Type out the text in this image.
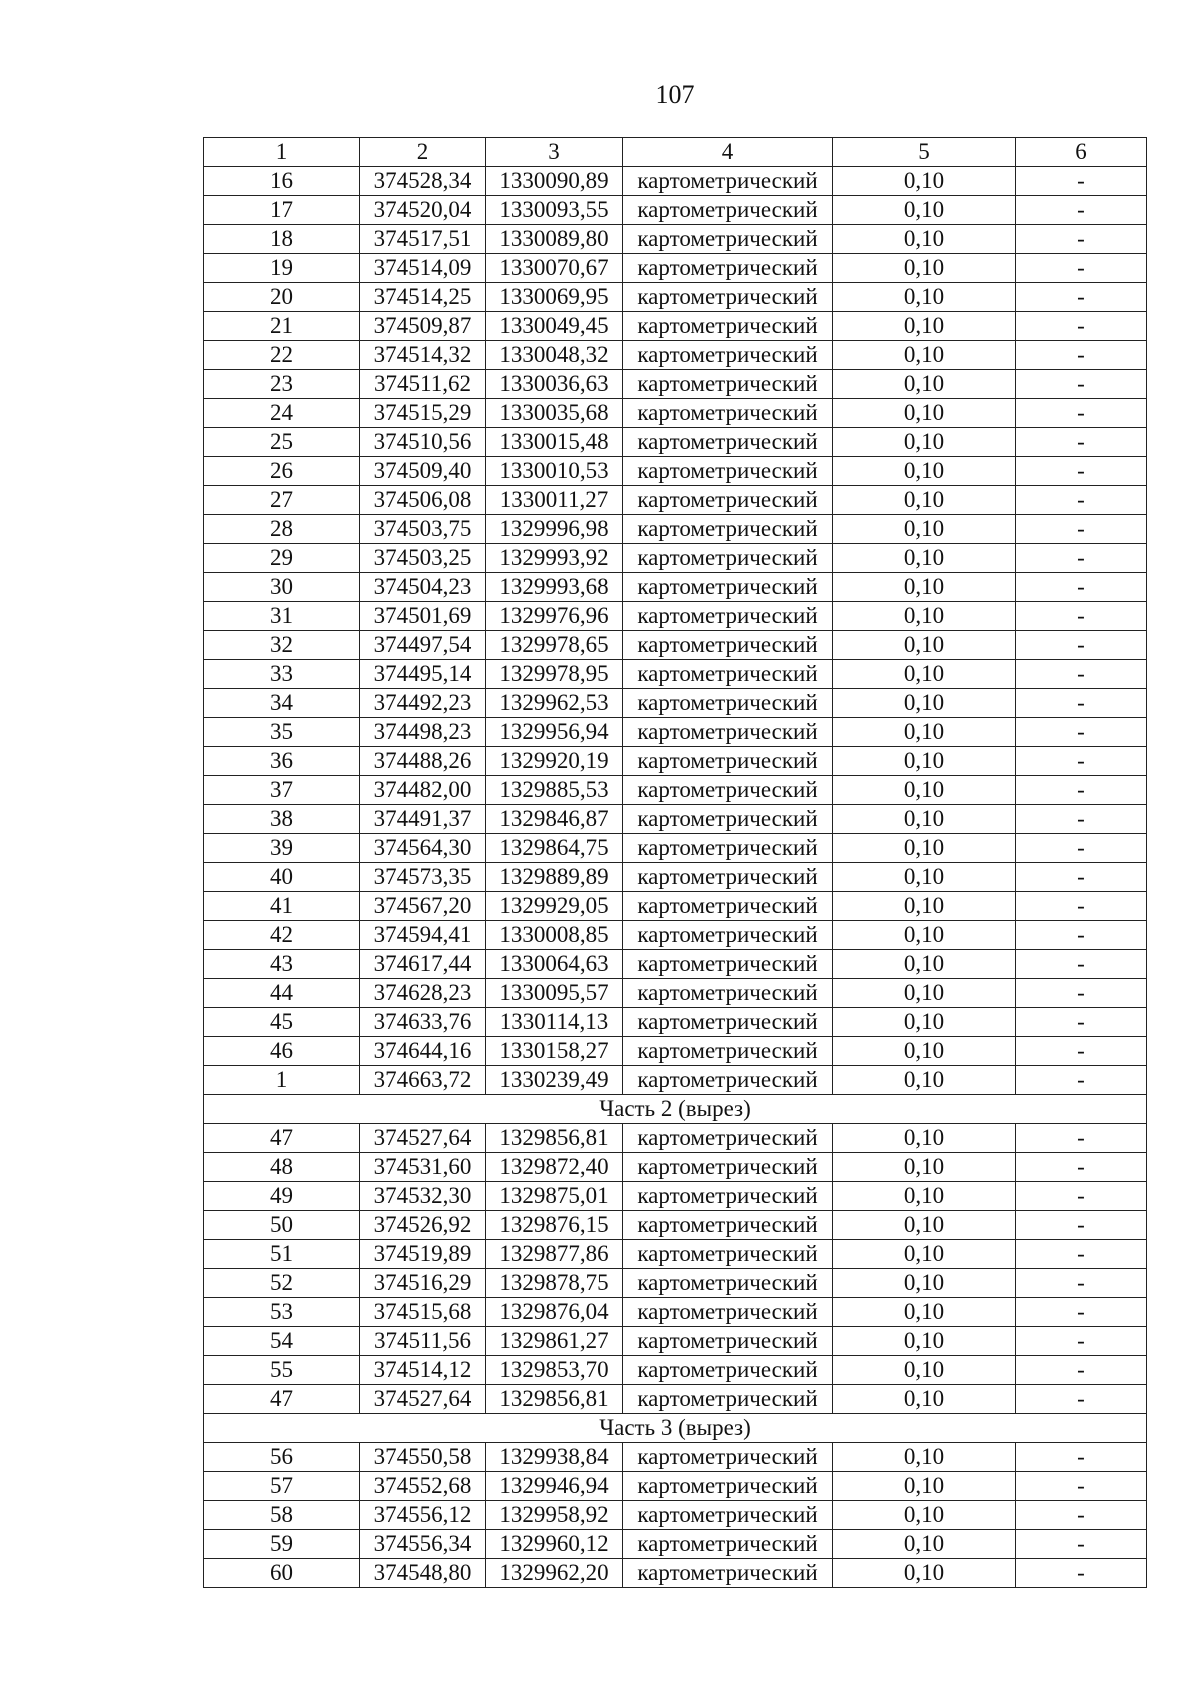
107
1	2	3	4	5	6
16	374528,34	1330090,89	картометрический	0,10	-
17	374520,04	1330093,55	картометрический	0,10	-
18	374517,51	1330089,80	картометрический	0,10	-
19	374514,09	1330070,67	картометрический	0,10	-
20	374514,25	1330069,95	картометрический	0,10	-
21	374509,87	1330049,45	картометрический	0,10	-
22	374514,32	1330048,32	картометрический	0,10	-
23	374511,62	1330036,63	картометрический	0,10	-
24	374515,29	1330035,68	картометрический	0,10	-
25	374510,56	1330015,48	картометрический	0,10	-
26	374509,40	1330010,53	картометрический	0,10	-
27	374506,08	1330011,27	картометрический	0,10	-
28	374503,75	1329996,98	картометрический	0,10	-
29	374503,25	1329993,92	картометрический	0,10	-
30	374504,23	1329993,68	картометрический	0,10	-
31	374501,69	1329976,96	картометрический	0,10	-
32	374497,54	1329978,65	картометрический	0,10	-
33	374495,14	1329978,95	картометрический	0,10	-
34	374492,23	1329962,53	картометрический	0,10	-
35	374498,23	1329956,94	картометрический	0,10	-
36	374488,26	1329920,19	картометрический	0,10	-
37	374482,00	1329885,53	картометрический	0,10	-
38	374491,37	1329846,87	картометрический	0,10	-
39	374564,30	1329864,75	картометрический	0,10	-
40	374573,35	1329889,89	картометрический	0,10	-
41	374567,20	1329929,05	картометрический	0,10	-
42	374594,41	1330008,85	картометрический	0,10	-
43	374617,44	1330064,63	картометрический	0,10	-
44	374628,23	1330095,57	картометрический	0,10	-
45	374633,76	1330114,13	картометрический	0,10	-
46	374644,16	1330158,27	картометрический	0,10	-
1	374663,72	1330239,49	картометрический	0,10	-
Часть 2 (вырез)					
47	374527,64	1329856,81	картометрический	0,10	-
48	374531,60	1329872,40	картометрический	0,10	-
49	374532,30	1329875,01	картометрический	0,10	-
50	374526,92	1329876,15	картометрический	0,10	-
51	374519,89	1329877,86	картометрический	0,10	-
52	374516,29	1329878,75	картометрический	0,10	-
53	374515,68	1329876,04	картометрический	0,10	-
54	374511,56	1329861,27	картометрический	0,10	-
55	374514,12	1329853,70	картометрический	0,10	-
47	374527,64	1329856,81	картометрический	0,10	-
Часть 3 (вырез)					
56	374550,58	1329938,84	картометрический	0,10	-
57	374552,68	1329946,94	картометрический	0,10	-
58	374556,12	1329958,92	картометрический	0,10	-
59	374556,34	1329960,12	картометрический	0,10	-
60	374548,80	1329962,20	картометрический	0,10	-
